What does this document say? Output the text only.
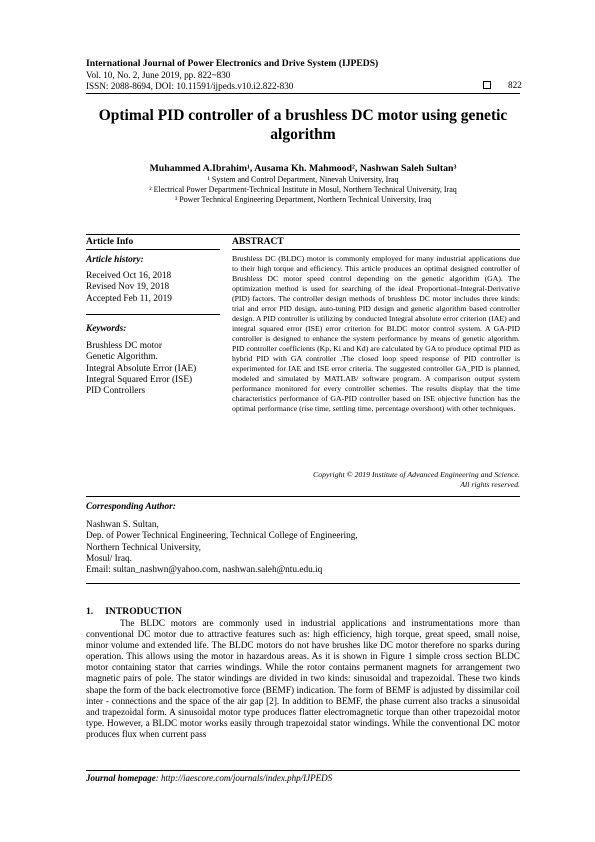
International Journal of Power Electronics and Drive System (IJPEDS)
Vol. 10, No. 2, June 2019, pp. 822~830
ISSN: 2088-8694, DOI: 10.11591/ijpeds.v10.i2.822-830	822
Optimal PID controller of a brushless DC motor using genetic algorithm
Muhammed A.Ibrahim¹, Ausama Kh. Mahmood², Nashwan Saleh Sultan³
¹ System and Control Department, Ninevah University, Iraq
² Electrical Power Department-Technical Institute in Mosul, Northern Technical University, Iraq
³ Power Technical Engineering Department, Northern Technical University, Iraq
Article Info	ABSTRACT
Article history:
Received Oct 16, 2018
Revised Nov 19, 2018
Accepted Feb 11, 2019
Keywords:
Brushless DC motor
Genetic Algorithm.
Integral Absolute Error (IAE)
Integral Squared Error (ISE)
PID Controllers
Brushless DC (BLDC) motor is commonly employed for many industrial applications due to their high torque and efficiency. This article produces an optimal designed controller of Brushless DC motor speed control depending on the genetic algorithm (GA). The optimization method is used for searching of the ideal Proportional–Integral-Derivative (PID) factors. The controller design methods of brushless DC motor includes three kinds: trial and error PID design, auto-tuning PID design and genetic algorithm based controller design. A PID controller is utilizing by conducted Integral absolute error criterion (IAE) and integral squared error (ISE) error criterion for BLDC motor control system. A GA-PID controller is designed to enhance the system performance by means of genetic algorithm. PID controller coefficients (Kp, Ki and Kd) are calculated by GA to produce optimal PID as hybrid PID with GA controller .The closed loop speed response of PID controller is experimented for IAE and ISE error criteria. The suggested controller GA_PID is planned, modeled and simulated by MATLAB/ software program. A comparison output system performance monitored for every controller schemes. The results display that the time characteristics performance of GA-PID controller based on ISE objective function has the optimal performance (rise time, settling time, percentage overshoot) with other techniques.
Copyright © 2019 Institute of Advanced Engineering and Science.
All rights reserved.
Corresponding Author:
Nashwan S. Sultan,
Dep. of Power Technical Engineering, Technical College of Engineering,
Northern Technical University,
Mosul/ Iraq.
Email: sultan_nashwn@yahoo.com, nashwan.saleh@ntu.edu.iq
1. INTRODUCTION
The BLDC motors are commonly used in industrial applications and instrumentations more than conventional DC motor due to attractive features such as: high efficiency, high torque, great speed, small noise, minor volume and extended life. The BLDC motors do not have brushes like DC motor therefore no sparks during operation. This allows using the motor in hazardous areas. As it is shown in Figure 1 simple cross section BLDC motor containing stator that carries windings. While the rotor contains permanent magnets for arrangement two magnetic pairs of pole. The stator windings are divided in two kinds: sinusoidal and trapezoidal. These two kinds shape the form of the back electromotive force (BEMF) indication. The form of BEMF is adjusted by dissimilar coil inter - connections and the space of the air gap [2]. In addition to BEMF, the phase current also tracks a sinusoidal and trapezoidal form. A sinusoidal motor type produces flatter electromagnetic torque than other trapezoidal motor type. However, a BLDC motor works easily through trapezoidal stator windings. While the conventional DC motor produces flux when current pass
Journal homepage: http://iaescore.com/journals/index.php/IJPEDS
